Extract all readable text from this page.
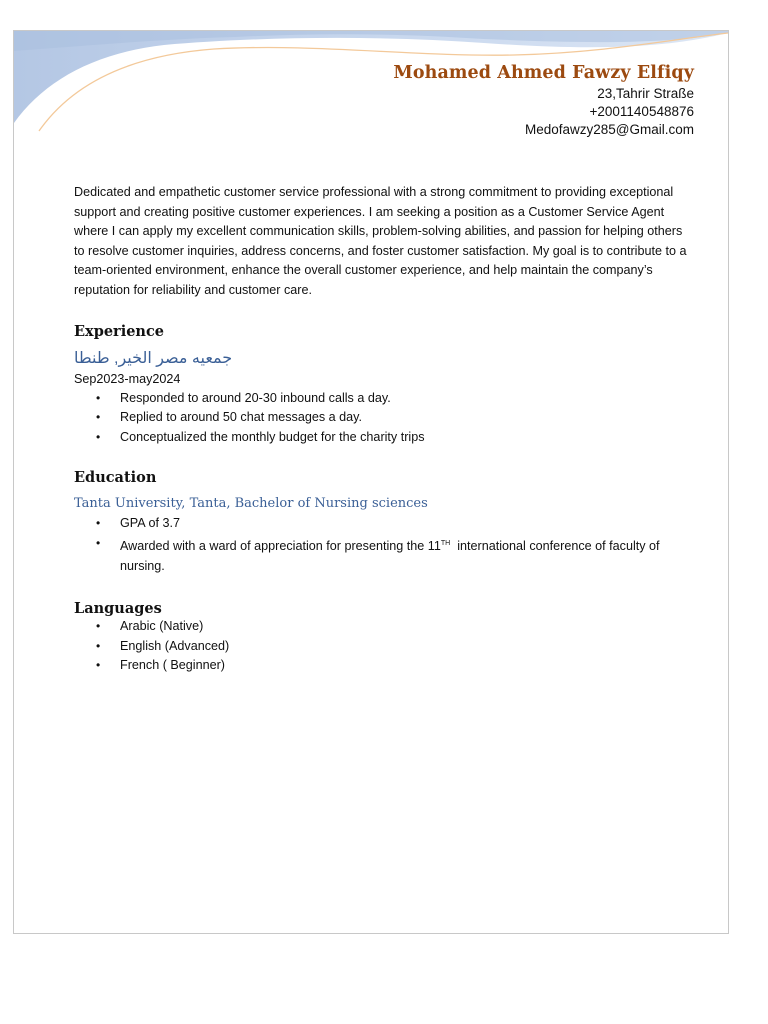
Mohamed Ahmed Fawzy Elfiqy
23,Tahrir Straße
+2001140548876
Medofawzy285@Gmail.com

Dedicated and empathetic customer service professional with a strong commitment to providing exceptional support and creating positive customer experiences. I am seeking a position as a Customer Service Agent where I can apply my excellent communication skills, problem-solving abilities, and passion for helping others to resolve customer inquiries, address concerns, and foster customer satisfaction. My goal is to contribute to a team-oriented environment, enhance the overall customer experience, and help maintain the company’s reputation for reliability and customer care.

Experience
جمعيه مصر الخير, طنطا
Sep2023-may2024
• Responded to around 20-30 inbound calls a day.
• Replied to around 50 chat messages a day.
• Conceptualized the monthly budget for the charity trips
Education
Tanta University, Tanta, Bachelor of Nursing sciences
• GPA of 3.7
• Awarded with a ward of appreciation for presenting the 11TH  international conference of faculty of nursing.
Languages
• Arabic (Native)
• English (Advanced)
• French ( Beginner)
